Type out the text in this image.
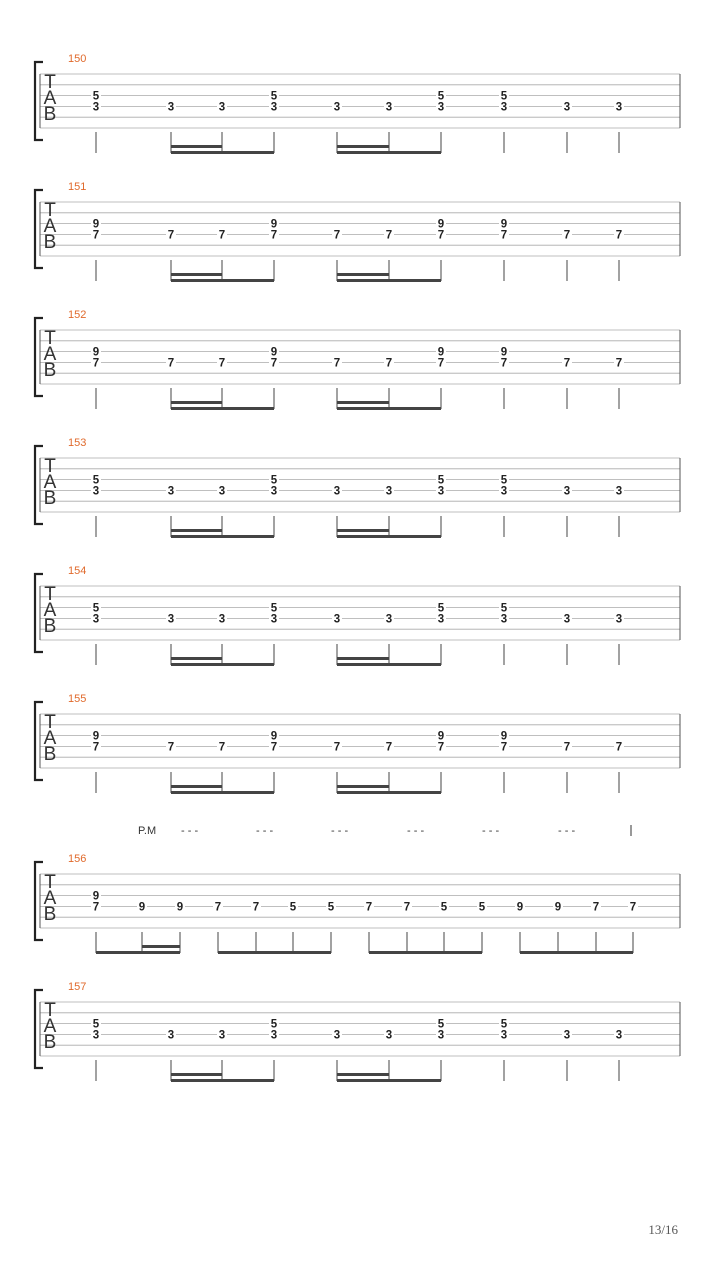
T
A
B
150
3
5
3	3	3
5
3	3	3
5
3
5
3	3
T
A
B
151
7
9
7	7	7
9
7	7	7
9
7
9
7	7
T
A
B
152
7
9
7	7	7
9
7	7	7
9
7
9
7	7
T
A
B
153
3
5
3	3	3
5
3	3	3
5
3
5
3	3
T
A
B
154
3
5
3	3	3
5
3	3	3
5
3
5
3	3
T
A
B
155
7
9
7	7	7
9
7	7	7
9
7
9
7	7
T
A
B
156
P.M - - -	- - -	- - -	- - -	- - -	- - -
7
9
9	9	7	7	5	5	7	7	5	5	9	9	7	7
T
A
B
157
3
5
3	3	3
5
3	3	3
5
3
5
3	3
13/16
